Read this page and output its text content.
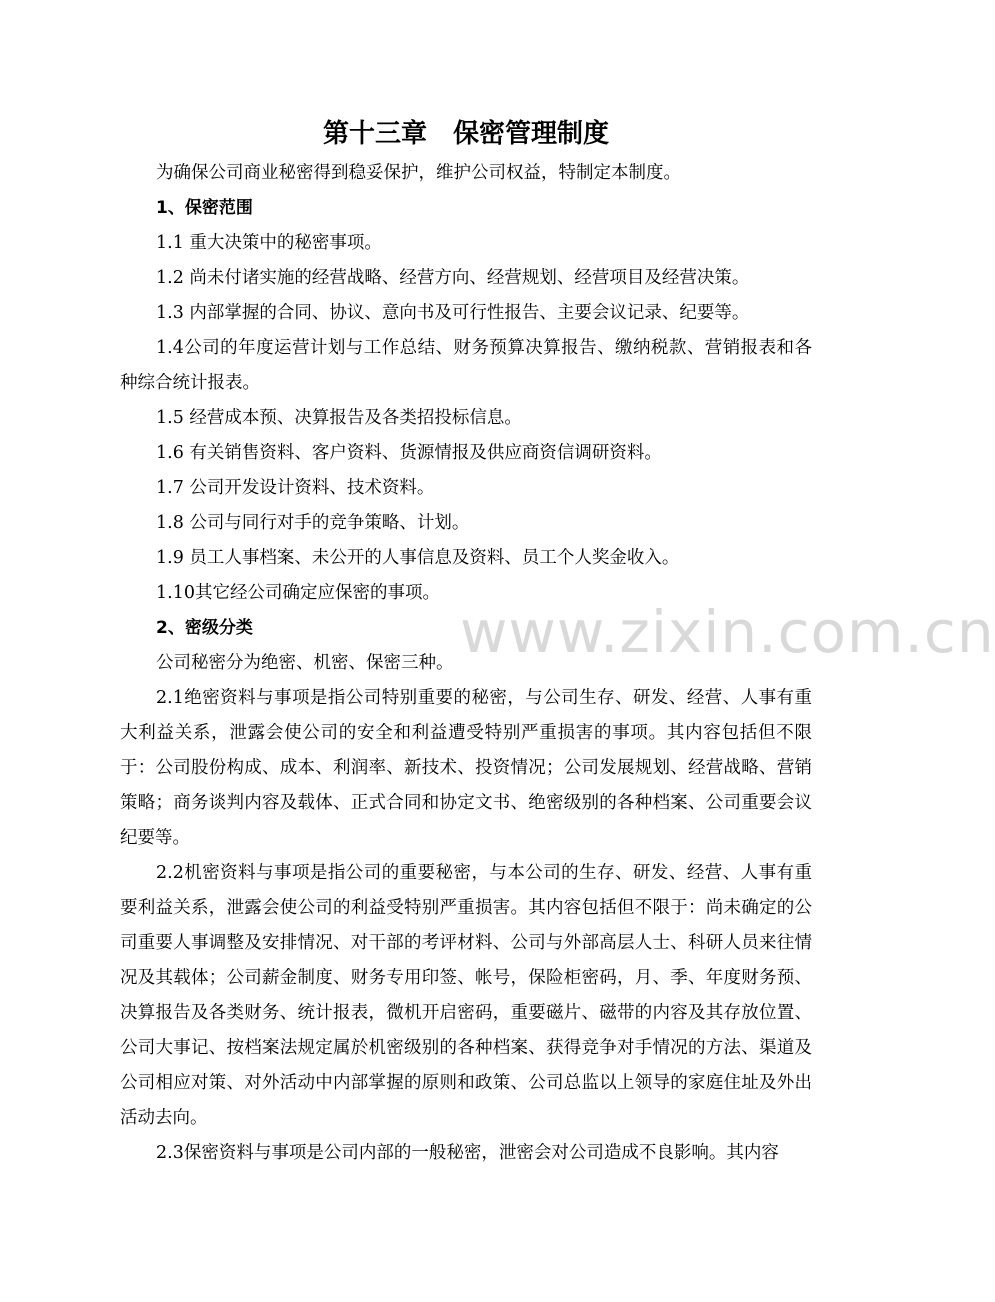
第十三章　保密管理制度

为确保公司商业秘密得到稳妥保护，维护公司权益，特制定本制度。

1、保密范围

1.1 重大决策中的秘密事项。

1.2 尚未付诸实施的经营战略、经营方向、经营规划、经营项目及经营决策。

1.3 内部掌握的合同、协议、意向书及可行性报告、主要会议记录、纪要等。

1.4公司的年度运营计划与工作总结、财务预算决算报告、缴纳税款、营销报表和各种综合统计报表。

1.5 经营成本预、决算报告及各类招投标信息。

1.6 有关销售资料、客户资料、货源情报及供应商资信调研资料。

1.7 公司开发设计资料、技术资料。

1.8 公司与同行对手的竞争策略、计划。

1.9 员工人事档案、未公开的人事信息及资料、员工个人奖金收入。

1.10其它经公司确定应保密的事项。

2、密级分类

公司秘密分为绝密、机密、保密三种。

2.1绝密资料与事项是指公司特别重要的秘密，与公司生存、研发、经营、人事有重大利益关系，泄露会使公司的安全和利益遭受特别严重损害的事项。其内容包括但不限于：公司股份构成、成本、利润率、新技术、投资情况；公司发展规划、经营战略、营销策略；商务谈判内容及载体、正式合同和协定文书、绝密级别的各种档案、公司重要会议纪要等。

2.2机密资料与事项是指公司的重要秘密，与本公司的生存、研发、经营、人事有重要利益关系，泄露会使公司的利益受特别严重损害。其内容包括但不限于：尚未确定的公司重要人事调整及安排情况、对干部的考评材料、公司与外部高层人士、科研人员来往情况及其载体；公司薪金制度、财务专用印签、帐号，保险柜密码，月、季、年度财务预、决算报告及各类财务、统计报表，微机开启密码，重要磁片、磁带的内容及其存放位置、公司大事记、按档案法规定属於机密级别的各种档案、获得竞争对手情况的方法、渠道及公司相应对策、对外活动中内部掌握的原则和政策、公司总监以上领导的家庭住址及外出活动去向。

2.3保密资料与事项是公司内部的一般秘密，泄密会对公司造成不良影响。其内容

www.zixin.com.cn
